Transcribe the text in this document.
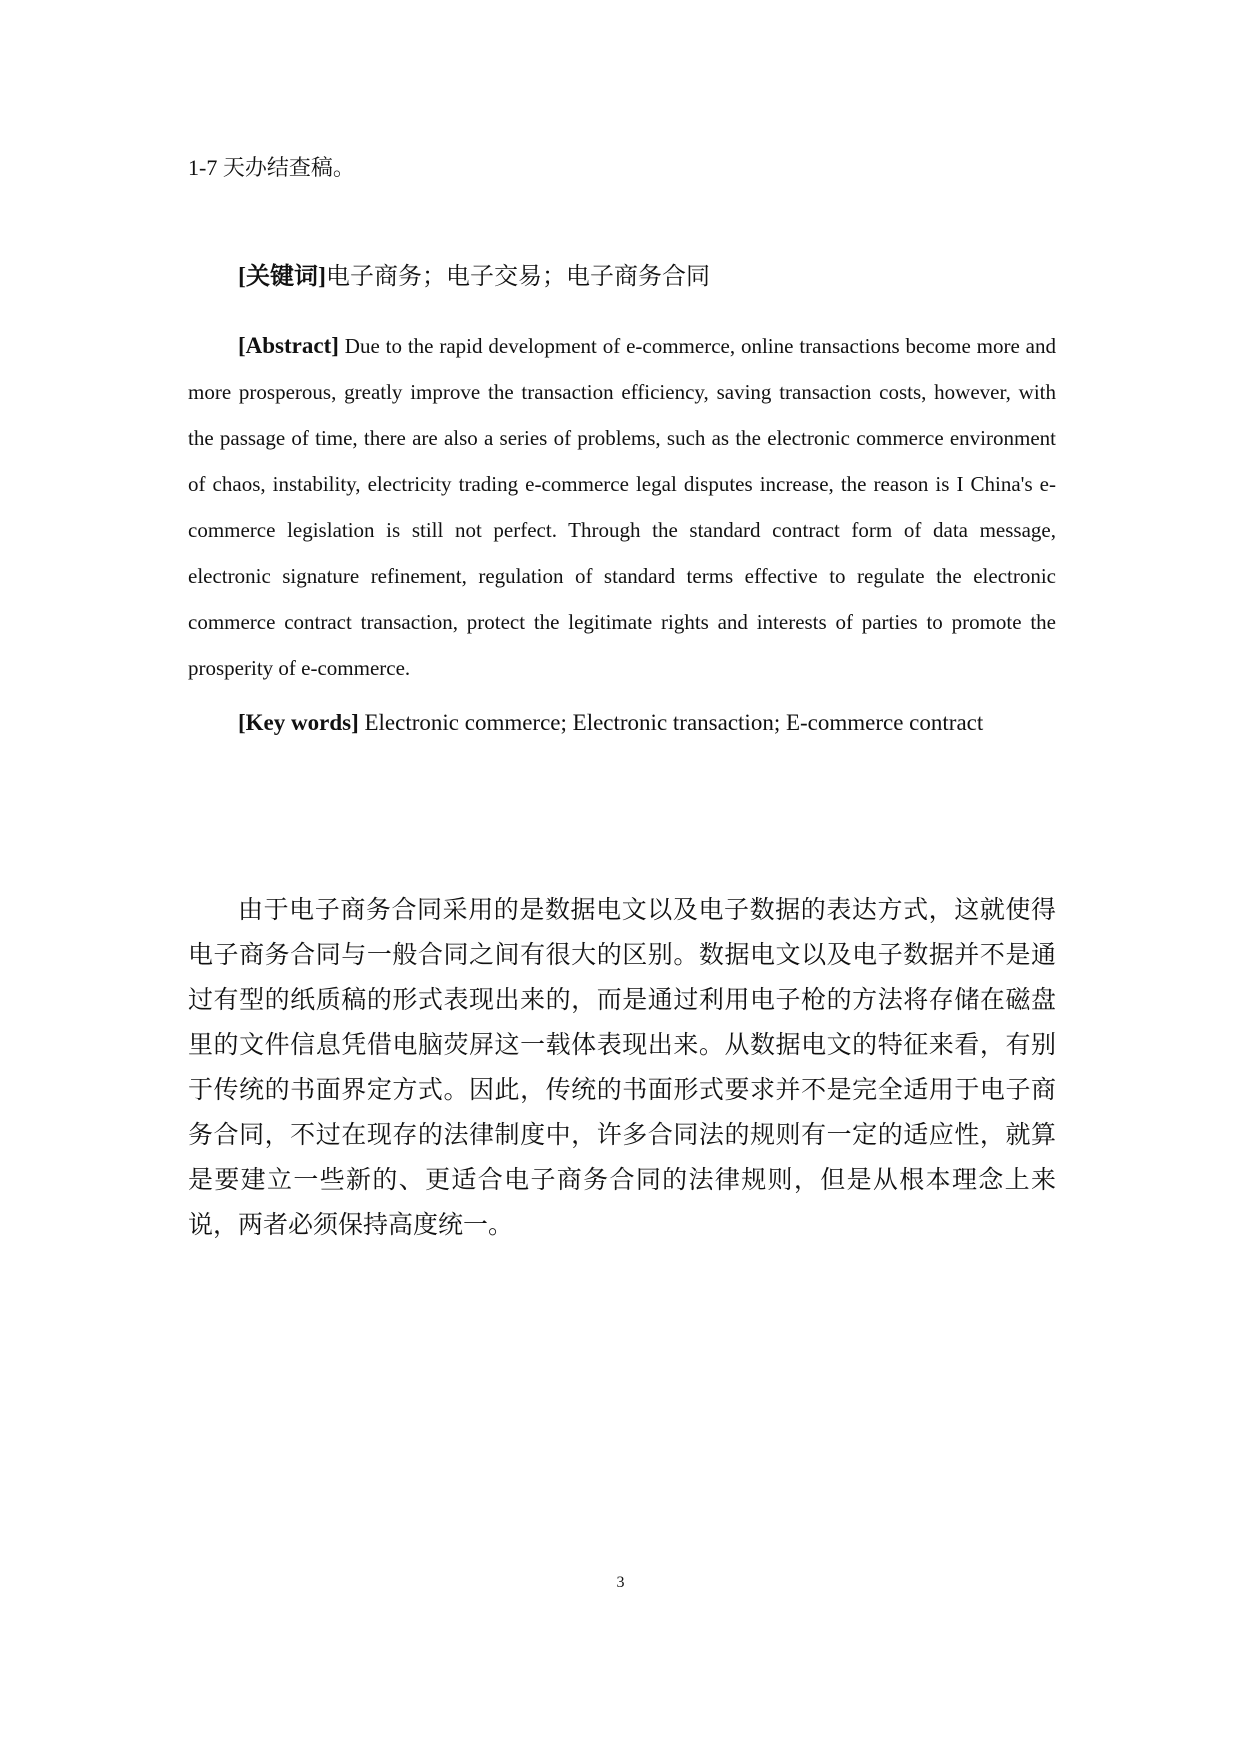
1-7 天办结查稿。
[关键词]电子商务；电子交易；电子商务合同

[Abstract] Due to the rapid development of e-commerce, online transactions become more and more prosperous, greatly improve the transaction efficiency, saving transaction costs, however, with the passage of time, there are also a series of problems, such as the electronic commerce environment of chaos, instability, electricity trading e-commerce legal disputes increase, the reason is I China's e-commerce legislation is still not perfect. Through the standard contract form of data message, electronic signature refinement, regulation of standard terms effective to regulate the electronic commerce contract transaction, protect the legitimate rights and interests of parties to promote the prosperity of e-commerce.

[Key words] Electronic commerce; Electronic transaction; E-commerce contract

由于电子商务合同采用的是数据电文以及电子数据的表达方式，这就使得电子商务合同与一般合同之间有很大的区别。数据电文以及电子数据并不是通过有型的纸质稿的形式表现出来的，而是通过利用电子枪的方法将存储在磁盘里的文件信息凭借电脑荧屏这一载体表现出来。从数据电文的特征来看，有别于传统的书面界定方式。因此，传统的书面形式要求并不是完全适用于电子商务合同，不过在现存的法律制度中，许多合同法的规则有一定的适应性，就算是要建立一些新的、更适合电子商务合同的法律规则，但是从根本理念上来说，两者必须保持高度统一。

3
